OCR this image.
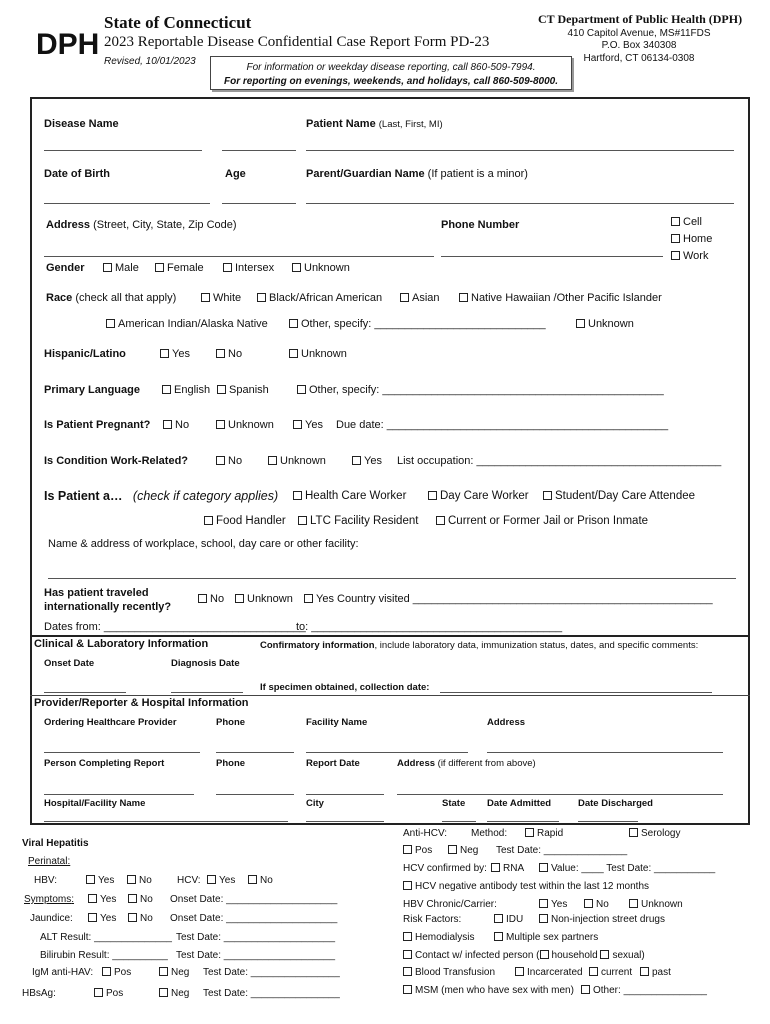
DPH
State of Connecticut
2023 Reportable Disease Confidential Case Report Form PD-23
Revised, 10/01/2023
CT Department of Public Health (DPH)
410 Capitol Avenue, MS#11FDS
P.O. Box 340308
Hartford, CT 06134-0308
For information or weekday disease reporting, call 860-509-7994.
For reporting on evenings, weekends, and holidays, call 860-509-8000.
Disease Name	Patient Name (Last, First, MI)
Date of Birth	Age	Parent/Guardian Name (If patient is a minor)
Address (Street, City, State, Zip Code)	Phone Number	Cell
Home
Work
Gender	Male	Female	Intersex	Unknown
Race (check all that apply)	White	Black/African American	Asian	Native Hawaiian /Other Pacific Islander
American Indian/Alaska Native	Other, specify: ____________________________	Unknown
Hispanic/Latino	Yes	No	Unknown
Primary Language	English	Spanish	Other, specify: ______________________________________________
Is Patient Pregnant?	No	Unknown	Yes Due date: ______________________________________________
Is Condition Work-Related?	No	Unknown	Yes List occupation: ________________________________________
Is Patient a… (check if category applies)	Health Care Worker	Day Care Worker	Student/Day Care Attendee
Food Handler	LTC Facility Resident	Current or Former Jail or Prison Inmate
Name & address of workplace, school, day care or other facility:
Has patient traveled
internationally recently?
No	Unknown	Yes Country visited _________________________________________________
Dates from: _________________________________
to: _________________________________________
Clinical & Laboratory Information	Confirmatory information, include laboratory data, immunization status, dates, and specific comments:
Onset Date	Diagnosis Date
If specimen obtained, collection date:
Provider/Reporter & Hospital Information
Ordering Healthcare Provider	Phone	Facility Name	Address
Person Completing Report	Phone	Report Date	Address (if different from above)
Hospital/Facility Name	City	State Date Admitted	Date Discharged
Viral Hepatitis
Perinatal:
HBV:	Yes	No	HCV:	Yes	No
Symptoms:	Yes	No Onset Date: ____________________
Jaundice:	Yes	No Onset Date: ____________________
ALT Result: ______________ Test Date: ____________________
Bilirubin Result: __________ Test Date: ____________________
IgM anti-HAV:	Pos	Neg Test Date: ________________
HBsAg:	Pos	Neg Test Date: ________________
Anti-HCV: Method:	Rapid	Serology
Pos	Neg Test Date: _______________
HCV confirmed by:	RNA	Value: ____ Test Date: ___________
HCV negative antibody test within the last 12 months
HBV Chronic/Carrier:	Yes	No	Unknown
Risk Factors:	IDU	Non-injection street drugs
Hemodialysis	Multiple sex partners
Contact w/ infected person ( household sexual)
Blood Transfusion	Incarcerated	current	past
MSM (men who have sex with men)	Other: _______________
